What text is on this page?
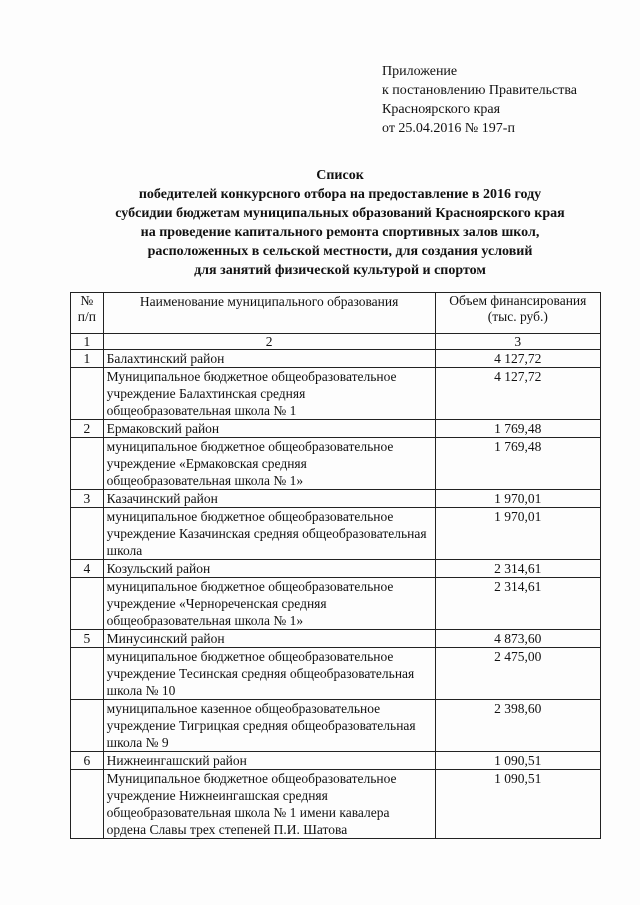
Приложение
к постановлению Правительства
Красноярского края
от 25.04.2016 № 197-п
Список
победителей конкурсного отбора на предоставление в 2016 году
субсидии бюджетам муниципальных образований Красноярского края
на проведение капитального ремонта спортивных залов школ,
расположенных в сельской местности, для создания условий
для занятий физической культурой и спортом
№ п/п	Наименование муниципального образования	Объем финансирования (тыс. руб.)
1	2	3
1	Балахтинский район	4 127,72
	Муниципальное бюджетное общеобразовательное учреждение Балахтинская средняя общеобразовательная школа № 1	4 127,72
2	Ермаковский район	1 769,48
	муниципальное бюджетное общеобразовательное учреждение «Ермаковская средняя общеобразовательная школа № 1»	1 769,48
3	Казачинский район	1 970,01
	муниципальное бюджетное общеобразовательное учреждение Казачинская средняя общеобразовательная школа	1 970,01
4	Козульский район	2 314,61
	муниципальное бюджетное общеобразовательное учреждение «Чернореченская средняя общеобразовательная школа № 1»	2 314,61
5	Минусинский район	4 873,60
	муниципальное бюджетное общеобразовательное учреждение Тесинская средняя общеобразовательная школа № 10	2 475,00
	муниципальное казенное общеобразовательное учреждение Тигрицкая средняя общеобразовательная школа № 9	2 398,60
6	Нижнеингашский район	1 090,51
	Муниципальное бюджетное общеобразовательное учреждение Нижнеингашская средняя общеобразовательная школа № 1 имени кавалера ордена Славы трех степеней П.И. Шатова	1 090,51
